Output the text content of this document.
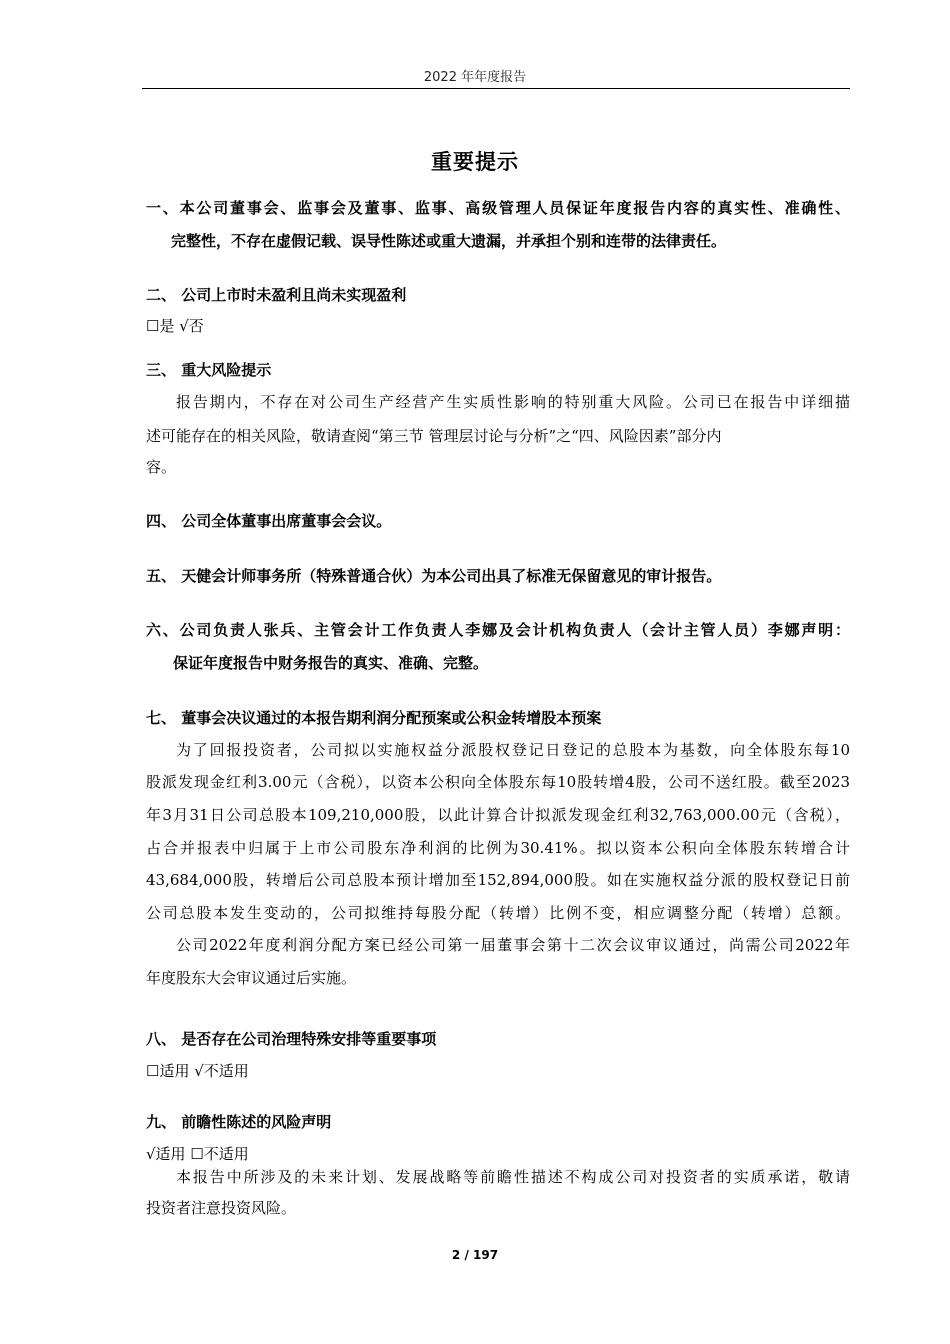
2022 年年度报告
重要提示
一、本公司董事会、监事会及董事、监事、高级管理人员保证年度报告内容的真实性、准确性、
完整性，不存在虚假记载、误导性陈述或重大遗漏，并承担个别和连带的法律责任。
二、 公司上市时未盈利且尚未实现盈利
☐是 √否
三、 重大风险提示
报告期内，不存在对公司生产经营产生实质性影响的特别重大风险。公司已在报告中详细描
述可能存在的相关风险，敬请查阅“第三节 管理层讨论与分析”之“四、风险因素”部分内
容。
四、 公司全体董事出席董事会会议。
五、 天健会计师事务所（特殊普通合伙）为本公司出具了标准无保留意见的审计报告。
六、公司负责人张兵、主管会计工作负责人李娜及会计机构负责人（会计主管人员）李娜声明：
保证年度报告中财务报告的真实、准确、完整。
七、 董事会决议通过的本报告期利润分配预案或公积金转增股本预案
为了回报投资者，公司拟以实施权益分派股权登记日登记的总股本为基数，向全体股东每10
股派发现金红利3.00元（含税），以资本公积向全体股东每10股转增4股，公司不送红股。截至2023
年3月31日公司总股本109,210,000股，以此计算合计拟派发现金红利32,763,000.00元（含税），
占合并报表中归属于上市公司股东净利润的比例为30.41%。拟以资本公积向全体股东转增合计
43,684,000股，转增后公司总股本预计增加至152,894,000股。如在实施权益分派的股权登记日前
公司总股本发生变动的，公司拟维持每股分配（转增）比例不变，相应调整分配（转增）总额。
公司2022年度利润分配方案已经公司第一届董事会第十二次会议审议通过，尚需公司2022年
年度股东大会审议通过后实施。
八、 是否存在公司治理特殊安排等重要事项
☐适用 √不适用
九、 前瞻性陈述的风险声明
√适用 ☐不适用
本报告中所涉及的未来计划、发展战略等前瞻性描述不构成公司对投资者的实质承诺，敬请
投资者注意投资风险。
2 / 197
